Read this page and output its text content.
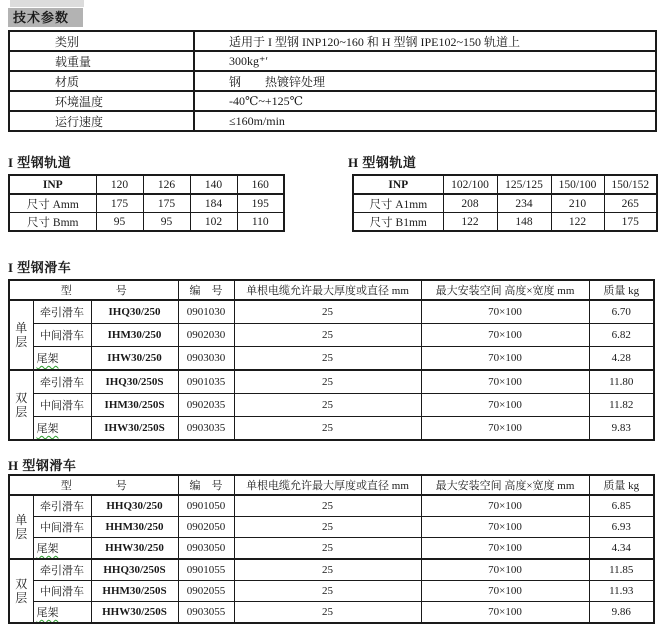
技术参数
类别	适用于 I 型钢 INP120~160 和 H 型钢 IPE102~150 轨道上
载重量	300kg⁺ʹ
材质	钢　　热镀锌处理
环境温度	-40℃~+125℃
运行速度	≤160m/min
I 型钢轨道	H 型钢轨道
INP	120	126	140	160
尺寸 Amm	175	175	184	195
尺寸 Bmm	95	95	102	110
INP	102/100	125/125	150/100	150/152
尺寸 A1mm	208	234	210	265
尺寸 B1mm	122	148	122	175
I 型钢滑车
型　　　　号			编　号	单根电缆允许最大厚度或直径 mm	最大安装空间 高度×宽度 mm	质量 kg
单层	牵引滑车	IHQ30/250	0901030	25	70×100	6.70
	中间滑车	IHM30/250	0902030	25	70×100	6.82
	尾架	IHW30/250	0903030	25	70×100	4.28
双层	牵引滑车	IHQ30/250S	0901035	25	70×100	11.80
	中间滑车	IHM30/250S	0902035	25	70×100	11.82
	尾架	IHW30/250S	0903035	25	70×100	9.83
H 型钢滑车
型　　　　号			编　号	单根电缆允许最大厚度或直径 mm	最大安装空间 高度×宽度 mm	质量 kg
单层	牵引滑车	HHQ30/250	0901050	25	70×100	6.85
	中间滑车	HHM30/250	0902050	25	70×100	6.93
	尾架	HHW30/250	0903050	25	70×100	4.34
双层	牵引滑车	HHQ30/250S	0901055	25	70×100	11.85
	中间滑车	HHM30/250S	0902055	25	70×100	11.93
	尾架	HHW30/250S	0903055	25	70×100	9.86
